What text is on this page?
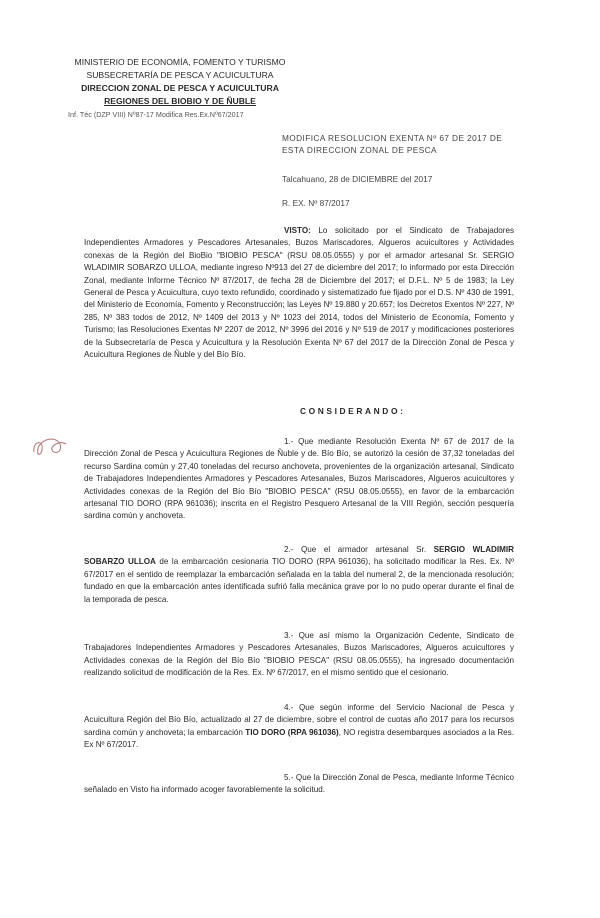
MINISTERIO DE ECONOMÍA, FOMENTO Y TURISMO
SUBSECRETARÍA DE PESCA Y ACUICULTURA
DIRECCION ZONAL DE PESCA Y ACUICULTURA
REGIONES DEL BIOBIO Y DE ÑUBLE
Inf. Téc (DZP VIII) Nº87-17 Modifica Res.Ex.Nº67/2017
MODIFICA RESOLUCION EXENTA Nº 67 DE 2017 DE ESTA DIRECCION ZONAL DE PESCA
Talcahuano, 28 de DICIEMBRE del 2017
R. EX. Nº 87/2017
VISTO: Lo solicitado por el Sindicato de Trabajadores Independientes Armadores y Pescadores Artesanales, Buzos Mariscadores, Algueros acuicultores y Actividades conexas de la Región del BioBio "BIOBIO PESCA" (RSU 08.05.0555) y por el armador artesanal Sr. SERGIO WLADIMIR SOBARZO ULLOA, mediante ingreso Nº913 del 27 de diciembre del 2017; lo informado por esta Dirección Zonal, mediante Informe Técnico Nº 87/2017, de fecha 28 de Diciembre del 2017; el D.F.L. Nº 5 de 1983; la Ley General de Pesca y Acuicultura, cuyo texto refundido, coordinado y sistematizado fue fijado por el D.S. Nº 430 de 1991, del Ministerio de Economía, Fomento y Reconstrucción; las Leyes Nº 19.880 y 20.657; los Decretos Exentos Nº 227, Nº 285, Nº 383 todos de 2012, Nº 1409 del 2013 y Nº 1023 del 2014, todos del Ministerio de Economía, Fomento y Turismo; las Resoluciones Exentas Nº 2207 de 2012, Nº 3996 del 2016 y Nº 519 de 2017 y modificaciones posteriores de la Subsecretaría de Pesca y Acuicultura y la Resolución Exenta Nº 67 del 2017 de la Dirección Zonal de Pesca y Acuicultura Regiones de Ñuble y del Bío Bío.
CONSIDERANDO:
1.- Que mediante Resolución Exenta Nº 67 de 2017 de la Dirección Zonal de Pesca y Acuicultura Regiones de Ñuble y de. Bío Bío, se autorizó la cesión de 37,32 toneladas del recurso Sardina común y 27,40 toneladas del recurso anchoveta, provenientes de la organización artesanal, Sindicato de Trabajadores Independientes Armadores y Pescadores Artesanales, Buzos Mariscadores, Algueros acuicultores y Actividades conexas de la Región del Bío Bío "BIOBIO PESCA" (RSU 08.05.0555), en favor de la embarcación artesanal TIO DORO (RPA 961036); inscrita en el Registro Pesquero Artesanal de la VIII Región, sección pesquería sardina común y anchoveta.
2.- Que el armador artesanal Sr. SERGIO WLADIMIR SOBARZO ULLOA de la embarcación cesionaria TIO DORO (RPA 961036), ha solicitado modificar la Res. Ex. Nº 67/2017 en el sentido de reemplazar la embarcación señalada en la tabla del numeral 2, de la mencionada resolución; fundado en que la embarcación antes identificada sufrió falla mecánica grave por lo no pudo operar durante el final de la temporada de pesca.
3.- Que así mismo la Organización Cedente, Sindicato de Trabajadores Independientes Armadores y Pescadores Artesanales, Buzos Mariscadores, Algueros acuicultores y Actividades conexas de la Región del Bío Bío "BIOBIO PESCA" (RSU 08.05.0555), ha ingresado documentación realizando solicitud de modificación de la Res. Ex. Nº 67/2017, en el mismo sentido que el cesionario.
4.- Que según informe del Servicio Nacional de Pesca y Acuicultura Región del Bío Bío, actualizado al 27 de diciembre, sobre el control de cuotas año 2017 para los recursos sardina común y anchoveta; la embarcación TIO DORO (RPA 961036), NO registra desembarques asociados a la Res. Ex Nº 67/2017.
5.- Que la Dirección Zonal de Pesca, mediante Informe Técnico señalado en Visto ha informado acoger favorablemente la solicitud.
